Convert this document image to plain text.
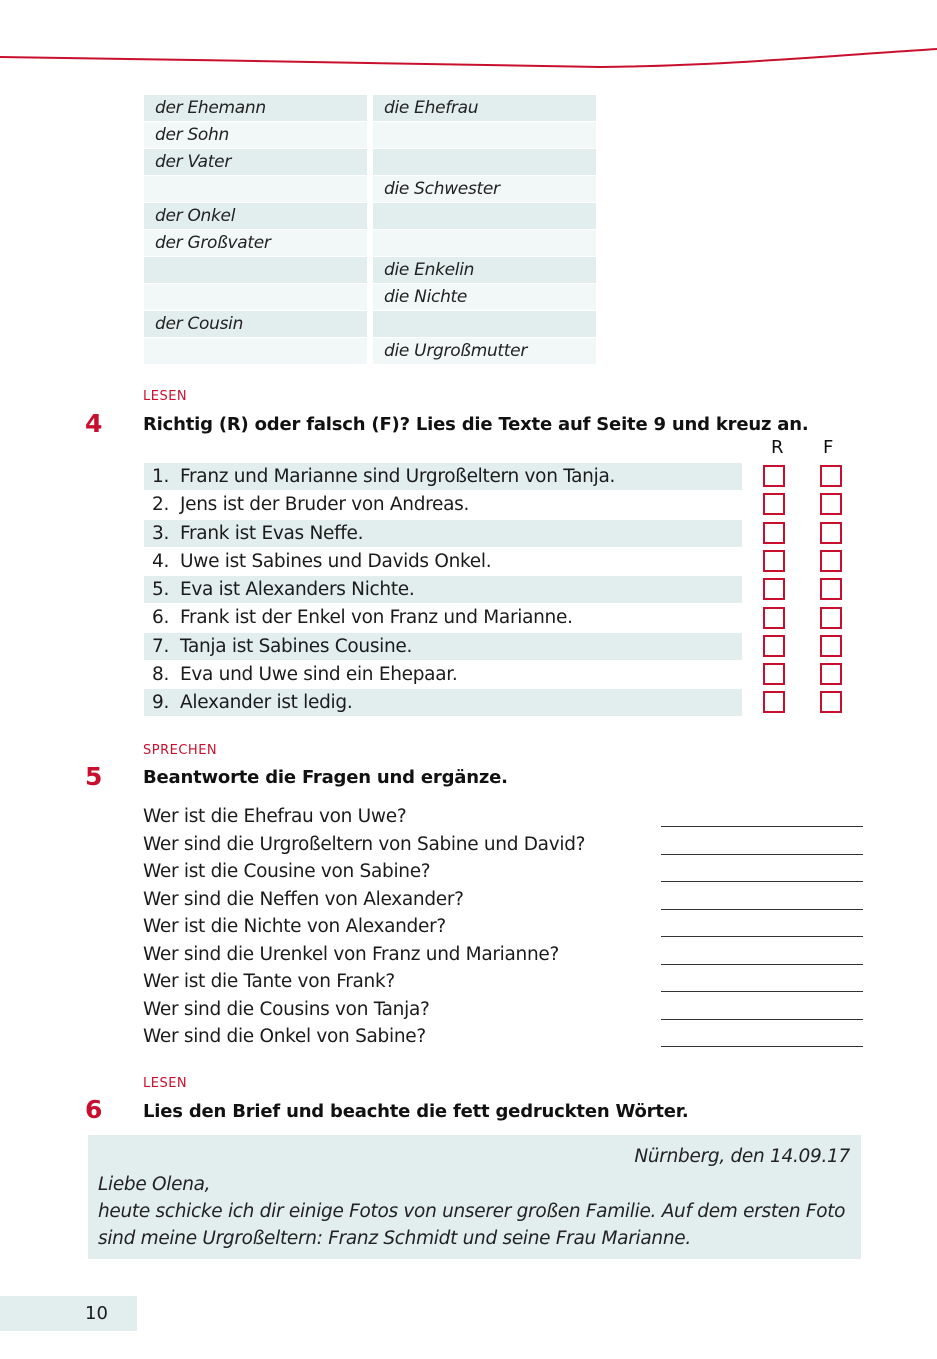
der Ehemann	die Ehefrau
der Sohn
der Vater
die Schwester
der Onkel
der Großvater
die Enkelin
die Nichte
der Cousin
die Urgroßmutter
LESEN
4 Richtig (R) oder falsch (F)? Lies die Texte auf Seite 9 und kreuz an.
R F
1. Franz und Marianne sind Urgroßeltern von Tanja.
2. Jens ist der Bruder von Andreas.
3. Frank ist Evas Neffe.
4. Uwe ist Sabines und Davids Onkel.
5. Eva ist Alexanders Nichte.
6. Frank ist der Enkel von Franz und Marianne.
7. Tanja ist Sabines Cousine.
8. Eva und Uwe sind ein Ehepaar.
9. Alexander ist ledig.
SPRECHEN
5 Beantworte die Fragen und ergänze.
Wer ist die Ehefrau von Uwe?
Wer sind die Urgroßeltern von Sabine und David?
Wer ist die Cousine von Sabine?
Wer sind die Neffen von Alexander?
Wer ist die Nichte von Alexander?
Wer sind die Urenkel von Franz und Marianne?
Wer ist die Tante von Frank?
Wer sind die Cousins von Tanja?
Wer sind die Onkel von Sabine?
LESEN
6 Lies den Brief und beachte die fett gedruckten Wörter.
Nürnberg, den 14.09.17
Liebe Olena,
heute schicke ich dir einige Fotos von unserer großen Familie. Auf dem ersten Foto
sind meine Urgroßeltern: Franz Schmidt und seine Frau Marianne.
10
